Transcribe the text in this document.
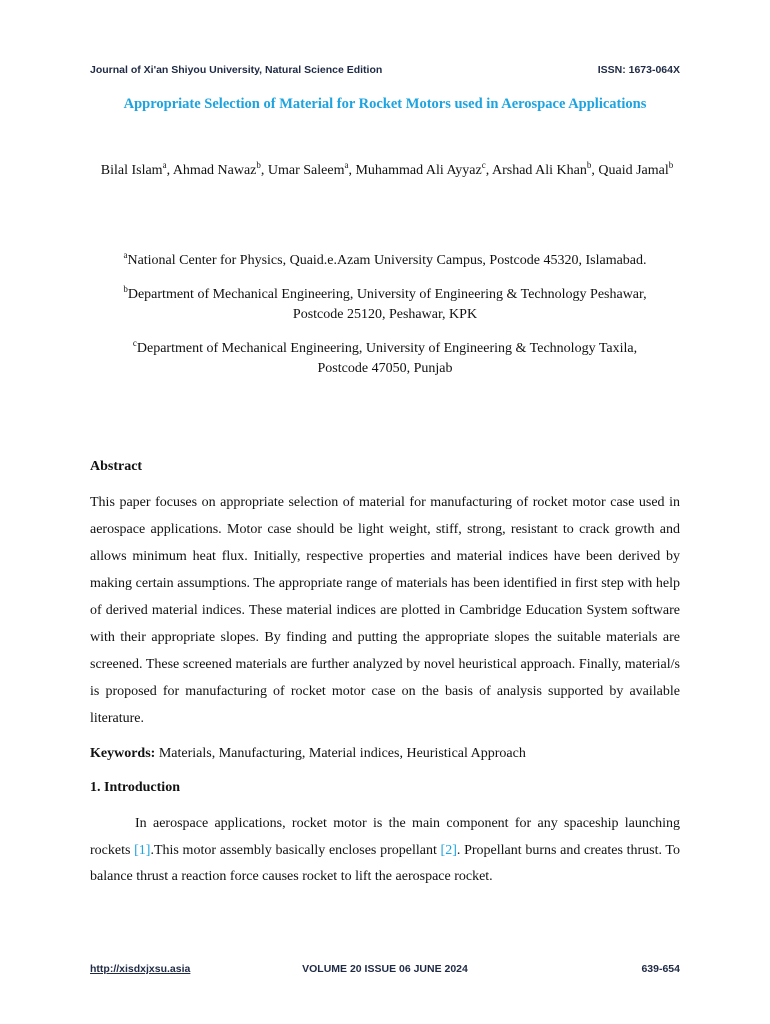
Journal of Xi'an Shiyou University, Natural Science Edition	ISSN: 1673-064X
Appropriate Selection of Material for Rocket Motors used in Aerospace Applications
Bilal Islam$^a$, Ahmad Nawaz$^b$, Umar Saleem$^a$, Muhammad Ali Ayyaz$^c$, Arshad Ali Khan$^b$, Quaid Jamal$^b$
$^a$National Center for Physics, Quaid.e.Azam University Campus, Postcode 45320, Islamabad.
$^b$Department of Mechanical Engineering, University of Engineering & Technology Peshawar,
Postcode 25120, Peshawar, KPK
$^c$Department of Mechanical Engineering, University of Engineering & Technology Taxila,
Postcode 47050, Punjab
Abstract
This paper focuses on appropriate selection of material for manufacturing of rocket motor case used in aerospace applications. Motor case should be light weight, stiff, strong, resistant to crack growth and allows minimum heat flux. Initially, respective properties and material indices have been derived by making certain assumptions. The appropriate range of materials has been identified in first step with help of derived material indices. These material indices are plotted in Cambridge Education System software with their appropriate slopes. By finding and putting the appropriate slopes the suitable materials are screened. These screened materials are further analyzed by novel heuristical approach. Finally, material/s is proposed for manufacturing of rocket motor case on the basis of analysis supported by available literature.
Keywords: Materials, Manufacturing, Material indices, Heuristical Approach
1. Introduction
In aerospace applications, rocket motor is the main component for any spaceship launching rockets [1].This motor assembly basically encloses propellant [2]. Propellant burns and creates thrust. To balance thrust a reaction force causes rocket to lift the aerospace rocket.
VOLUME 20 ISSUE 06 JUNE 2024
http://xisdxjxsu.asia	639-654
